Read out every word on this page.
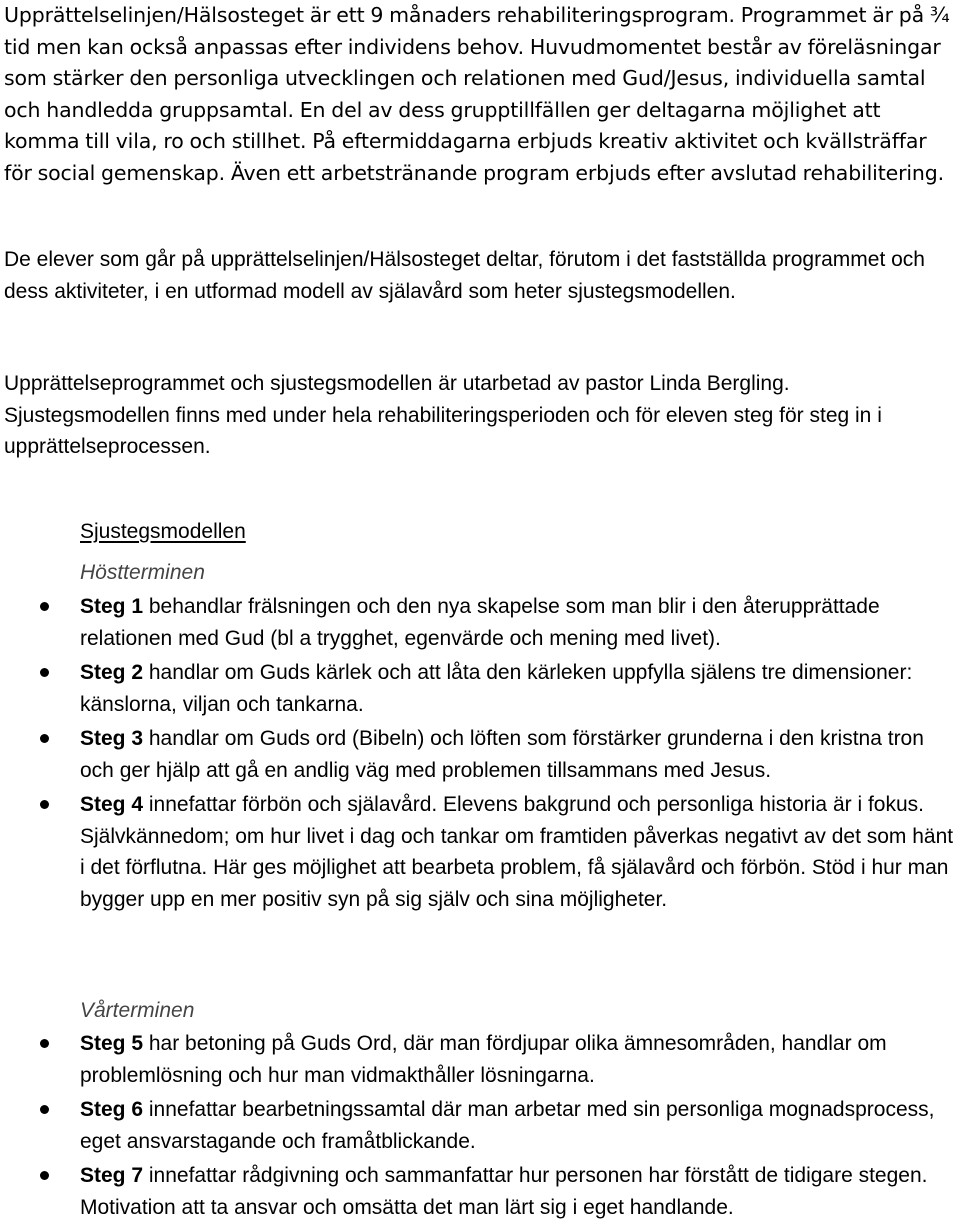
Upprättelselinjen/Hälsosteget är ett 9 månaders rehabiliteringsprogram. Programmet är på ¾ tid men kan också anpassas efter individens behov. Huvudmomentet består av föreläsningar som stärker den personliga utvecklingen och relationen med Gud/Jesus, individuella samtal och handledda gruppsamtal. En del av dess grupptillfällen ger deltagarna möjlighet att komma till vila, ro och stillhet. På eftermiddagarna erbjuds kreativ aktivitet och kvällsträffar för social gemenskap. Även ett arbetstränande program erbjuds efter avslutad rehabilitering.

De elever som går på upprättelselinjen/Hälsosteget deltar, förutom i det fastställda programmet och dess aktiviteter, i en utformad modell av själavård som heter sjustegsmodellen.

Upprättelseprogrammet och sjustegsmodellen är utarbetad av pastor Linda Bergling. Sjustegsmodellen finns med under hela rehabiliteringsperioden och för eleven steg för steg in i upprättelseprocessen.

Sjustegsmodellen
Höstterminen
Steg 1 behandlar frälsningen och den nya skapelse som man blir i den återupprättade relationen med Gud (bl a trygghet, egenvärde och mening med livet).
Steg 2 handlar om Guds kärlek och att låta den kärleken uppfylla själens tre dimensioner: känslorna, viljan och tankarna.
Steg 3 handlar om Guds ord (Bibeln) och löften som förstärker grunderna i den kristna tron och ger hjälp att gå en andlig väg med problemen tillsammans med Jesus.
Steg 4 innefattar förbön och själavård. Elevens bakgrund och personliga historia är i fokus. Självkännedom; om hur livet i dag och tankar om framtiden påverkas negativt av det som hänt i det förflutna. Här ges möjlighet att bearbeta problem, få själavård och förbön. Stöd i hur man bygger upp en mer positiv syn på sig själv och sina möjligheter.
Vårterminen
Steg 5 har betoning på Guds Ord, där man fördjupar olika ämnesområden, handlar om problemlösning och hur man vidmakthåller lösningarna.
Steg 6 innefattar bearbetningssamtal där man arbetar med sin personliga mognadsprocess, eget ansvarstagande och framåtblickande.
Steg 7 innefattar rådgivning och sammanfattar hur personen har förstått de tidigare stegen. Motivation att ta ansvar och omsätta det man lärt sig i eget handlande.
